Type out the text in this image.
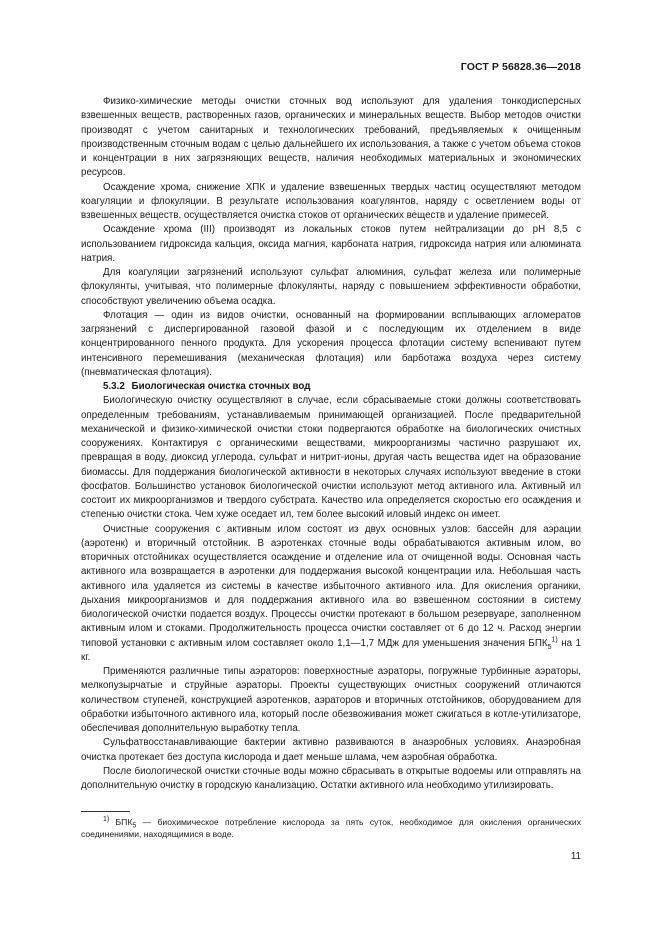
ГОСТ Р 56828.36—2018

Физико-химические методы очистки сточных вод используют для удаления тонкодисперсных взвешенных веществ, растворенных газов, органических и минеральных веществ. Выбор методов очистки производят с учетом санитарных и технологических требований, предъявляемых к очищенным производственным сточным водам с целью дальнейшего их использования, а также с учетом объема стоков и концентрации в них загрязняющих веществ, наличия необходимых материальных и экономических ресурсов.

Осаждение хрома, снижение ХПК и удаление взвешенных твердых частиц осуществляют методом коагуляции и флокуляции. В результате использования коагулянтов, наряду с осветлением воды от взвешенных веществ, осуществляется очистка стоков от органических веществ и удаление примесей.

Осаждение хрома (III) производят из локальных стоков путем нейтрализации до pH 8,5 с использованием гидроксида кальция, оксида магния, карбоната натрия, гидроксида натрия или алюмината натрия.

Для коагуляции загрязнений используют сульфат алюминия, сульфат железа или полимерные флокулянты, учитывая, что полимерные флокулянты, наряду с повышением эффективности обработки, способствуют увеличению объема осадка.

Флотация — один из видов очистки, основанный на формировании всплывающих агломератов загрязнений с диспергированной газовой фазой и с последующим их отделением в виде концентрированного пенного продукта. Для ускорения процесса флотации систему вспенивают путем интенсивного перемешивания (механическая флотация) или барботажа воздуха через систему (пневматическая флотация).

5.3.2 Биологическая очистка сточных вод

Биологическую очистку осуществляют в случае, если сбрасываемые стоки должны соответствовать определенным требованиям, устанавливаемым принимающей организацией. После предварительной механической и физико-химической очистки стоки подвергаются обработке на биологических очистных сооружениях. Контактируя с органическими веществами, микроорганизмы частично разрушают их, превращая в воду, диоксид углерода, сульфат и нитрит-ионы, другая часть вещества идет на образование биомассы. Для поддержания биологической активности в некоторых случаях используют введение в стоки фосфатов. Большинство установок биологической очистки используют метод активного ила. Активный ил состоит их микроорганизмов и твердого субстрата. Качество ила определяется скоростью его осаждения и степенью очистки стока. Чем хуже оседает ил, тем более высокий иловый индекс он имеет.

Очистные сооружения с активным илом состоят из двух основных узлов: бассейн для аэрации (аэротенк) и вторичный отстойник. В аэротенках сточные воды обрабатываются активным илом, во вторичных отстойниках осуществляется осаждение и отделение ила от очищенной воды. Основная часть активного ила возвращается в аэротенки для поддержания высокой концентрации ила. Небольшая часть активного ила удаляется из системы в качестве избыточного активного ила. Для окисления органики, дыхания микроорганизмов и для поддержания активного ила во взвешенном состоянии в систему биологической очистки подается воздух. Процессы очистки протекают в большом резервуаре, заполненном активным илом и стоками. Продолжительность процесса очистки составляет от 6 до 12 ч. Расход энергии типовой установки с активным илом составляет около 1,1—1,7 МДж для уменьшения значения $БПК_5^{1)}$ на 1 кг.

Применяются различные типы аэраторов: поверхностные аэраторы, погружные турбинные аэраторы, мелкопузырчатые и струйные аэраторы. Проекты существующих очистных сооружений отличаются количеством ступеней, конструкцией аэротенков, аэраторов и вторичных отстойников, оборудованием для обработки избыточного активного ила, который после обезвоживания может сжигаться в котле-утилизаторе, обеспечивая дополнительную выработку тепла.

Сульфатвосстанавливающие бактерии активно развиваются в анаэробных условиях. Анаэробная очистка протекает без доступа кислорода и дает меньше шлама, чем аэробная обработка.

После биологической очистки сточные воды можно сбрасывать в открытые водоемы или отправлять на дополнительную очистку в городскую канализацию. Остатки активного ила необходимо утилизировать.

$^{1)}$ $БПК_5$ — биохимическое потребление кислорода за пять суток, необходимое для окисления органических соединениями, находящимися в воде.

11
